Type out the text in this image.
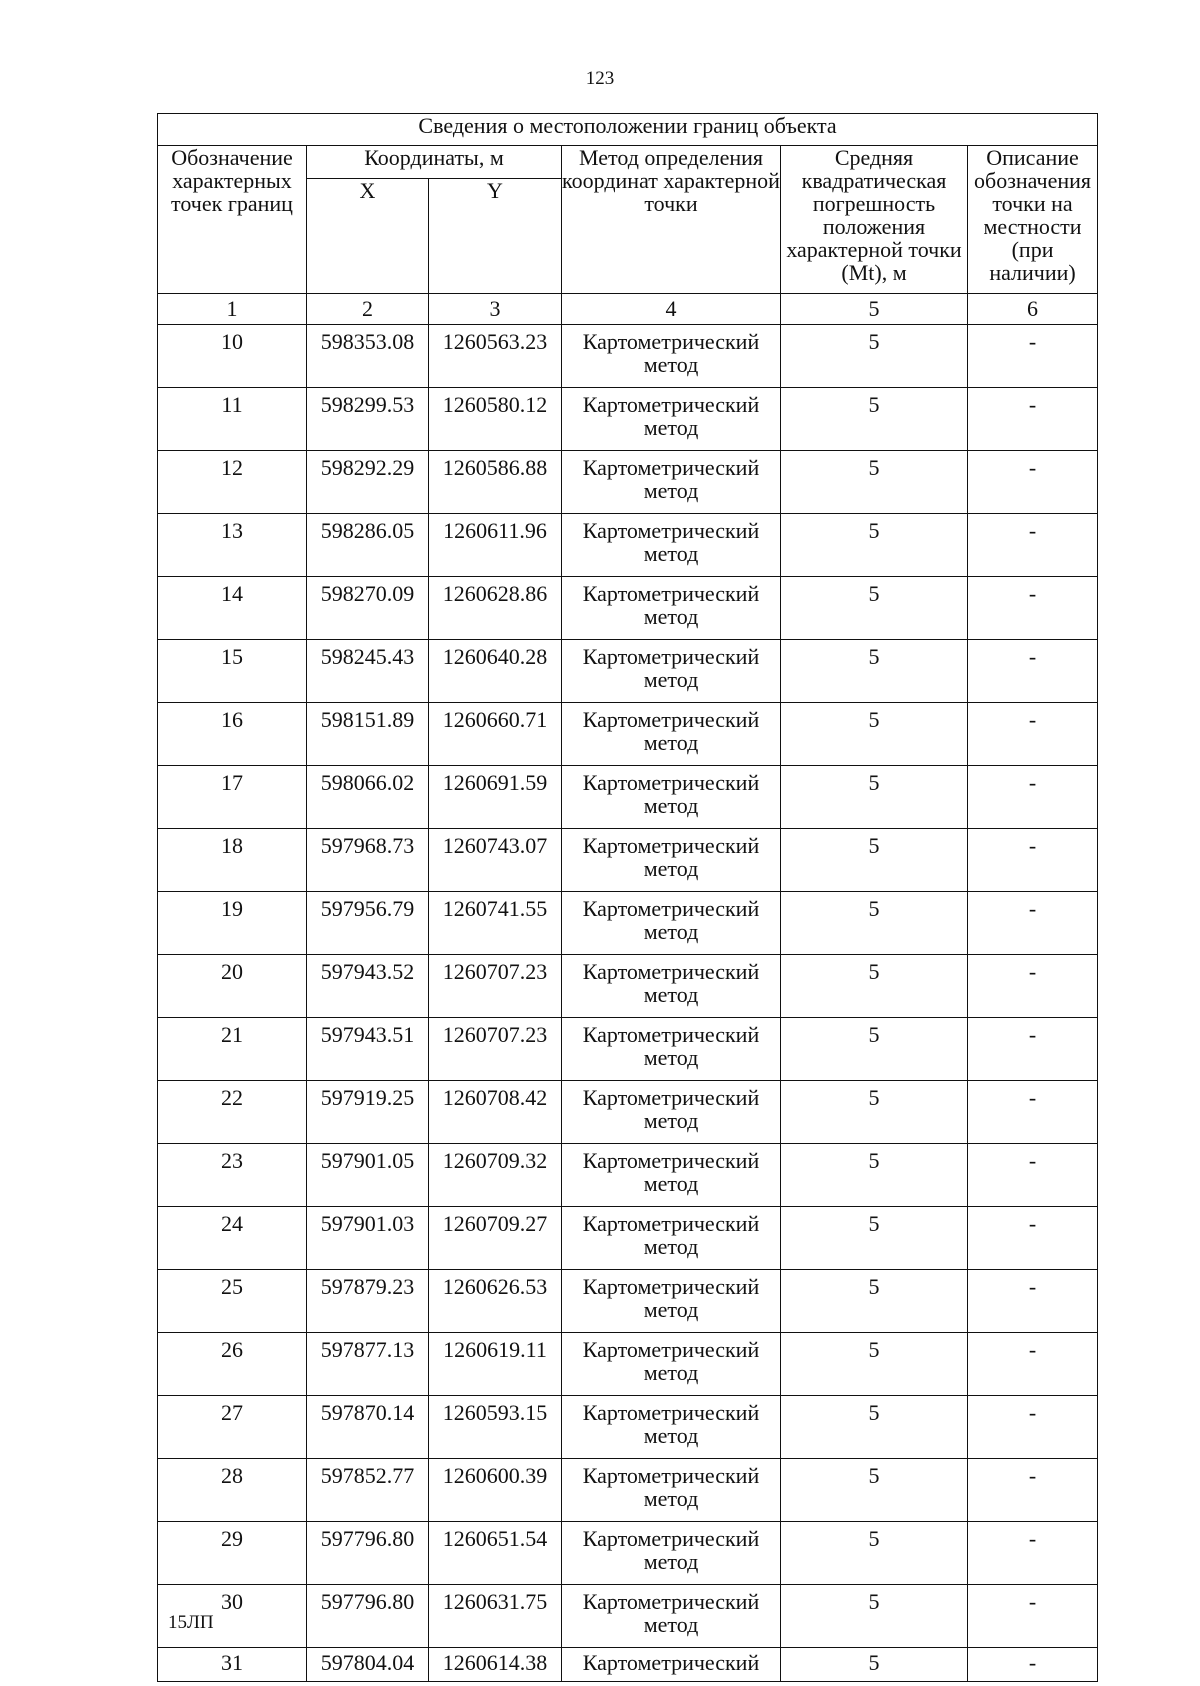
123
Сведения о местоположении границ объекта					
Обозначение характерных точек границ	Координаты, м		Метод определения координат характерной точки	Средняя квадратическая погрешность положения характерной точки (Mt), м	Описание обозначения точки на местности (при наличии)
	X	Y			
1	2	3	4	5	6
10	598353.08	1260563.23	Картометрический метод	5	-
11	598299.53	1260580.12	Картометрический метод	5	-
12	598292.29	1260586.88	Картометрический метод	5	-
13	598286.05	1260611.96	Картометрический метод	5	-
14	598270.09	1260628.86	Картометрический метод	5	-
15	598245.43	1260640.28	Картометрический метод	5	-
16	598151.89	1260660.71	Картометрический метод	5	-
17	598066.02	1260691.59	Картометрический метод	5	-
18	597968.73	1260743.07	Картометрический метод	5	-
19	597956.79	1260741.55	Картометрический метод	5	-
20	597943.52	1260707.23	Картометрический метод	5	-
21	597943.51	1260707.23	Картометрический метод	5	-
22	597919.25	1260708.42	Картометрический метод	5	-
23	597901.05	1260709.32	Картометрический метод	5	-
24	597901.03	1260709.27	Картометрический метод	5	-
25	597879.23	1260626.53	Картометрический метод	5	-
26	597877.13	1260619.11	Картометрический метод	5	-
27	597870.14	1260593.15	Картометрический метод	5	-
28	597852.77	1260600.39	Картометрический метод	5	-
29	597796.80	1260651.54	Картометрический метод	5	-
30	597796.80	1260631.75	Картометрический метод	5	-
31	597804.04	1260614.38	Картометрический	5	-
15ЛП
